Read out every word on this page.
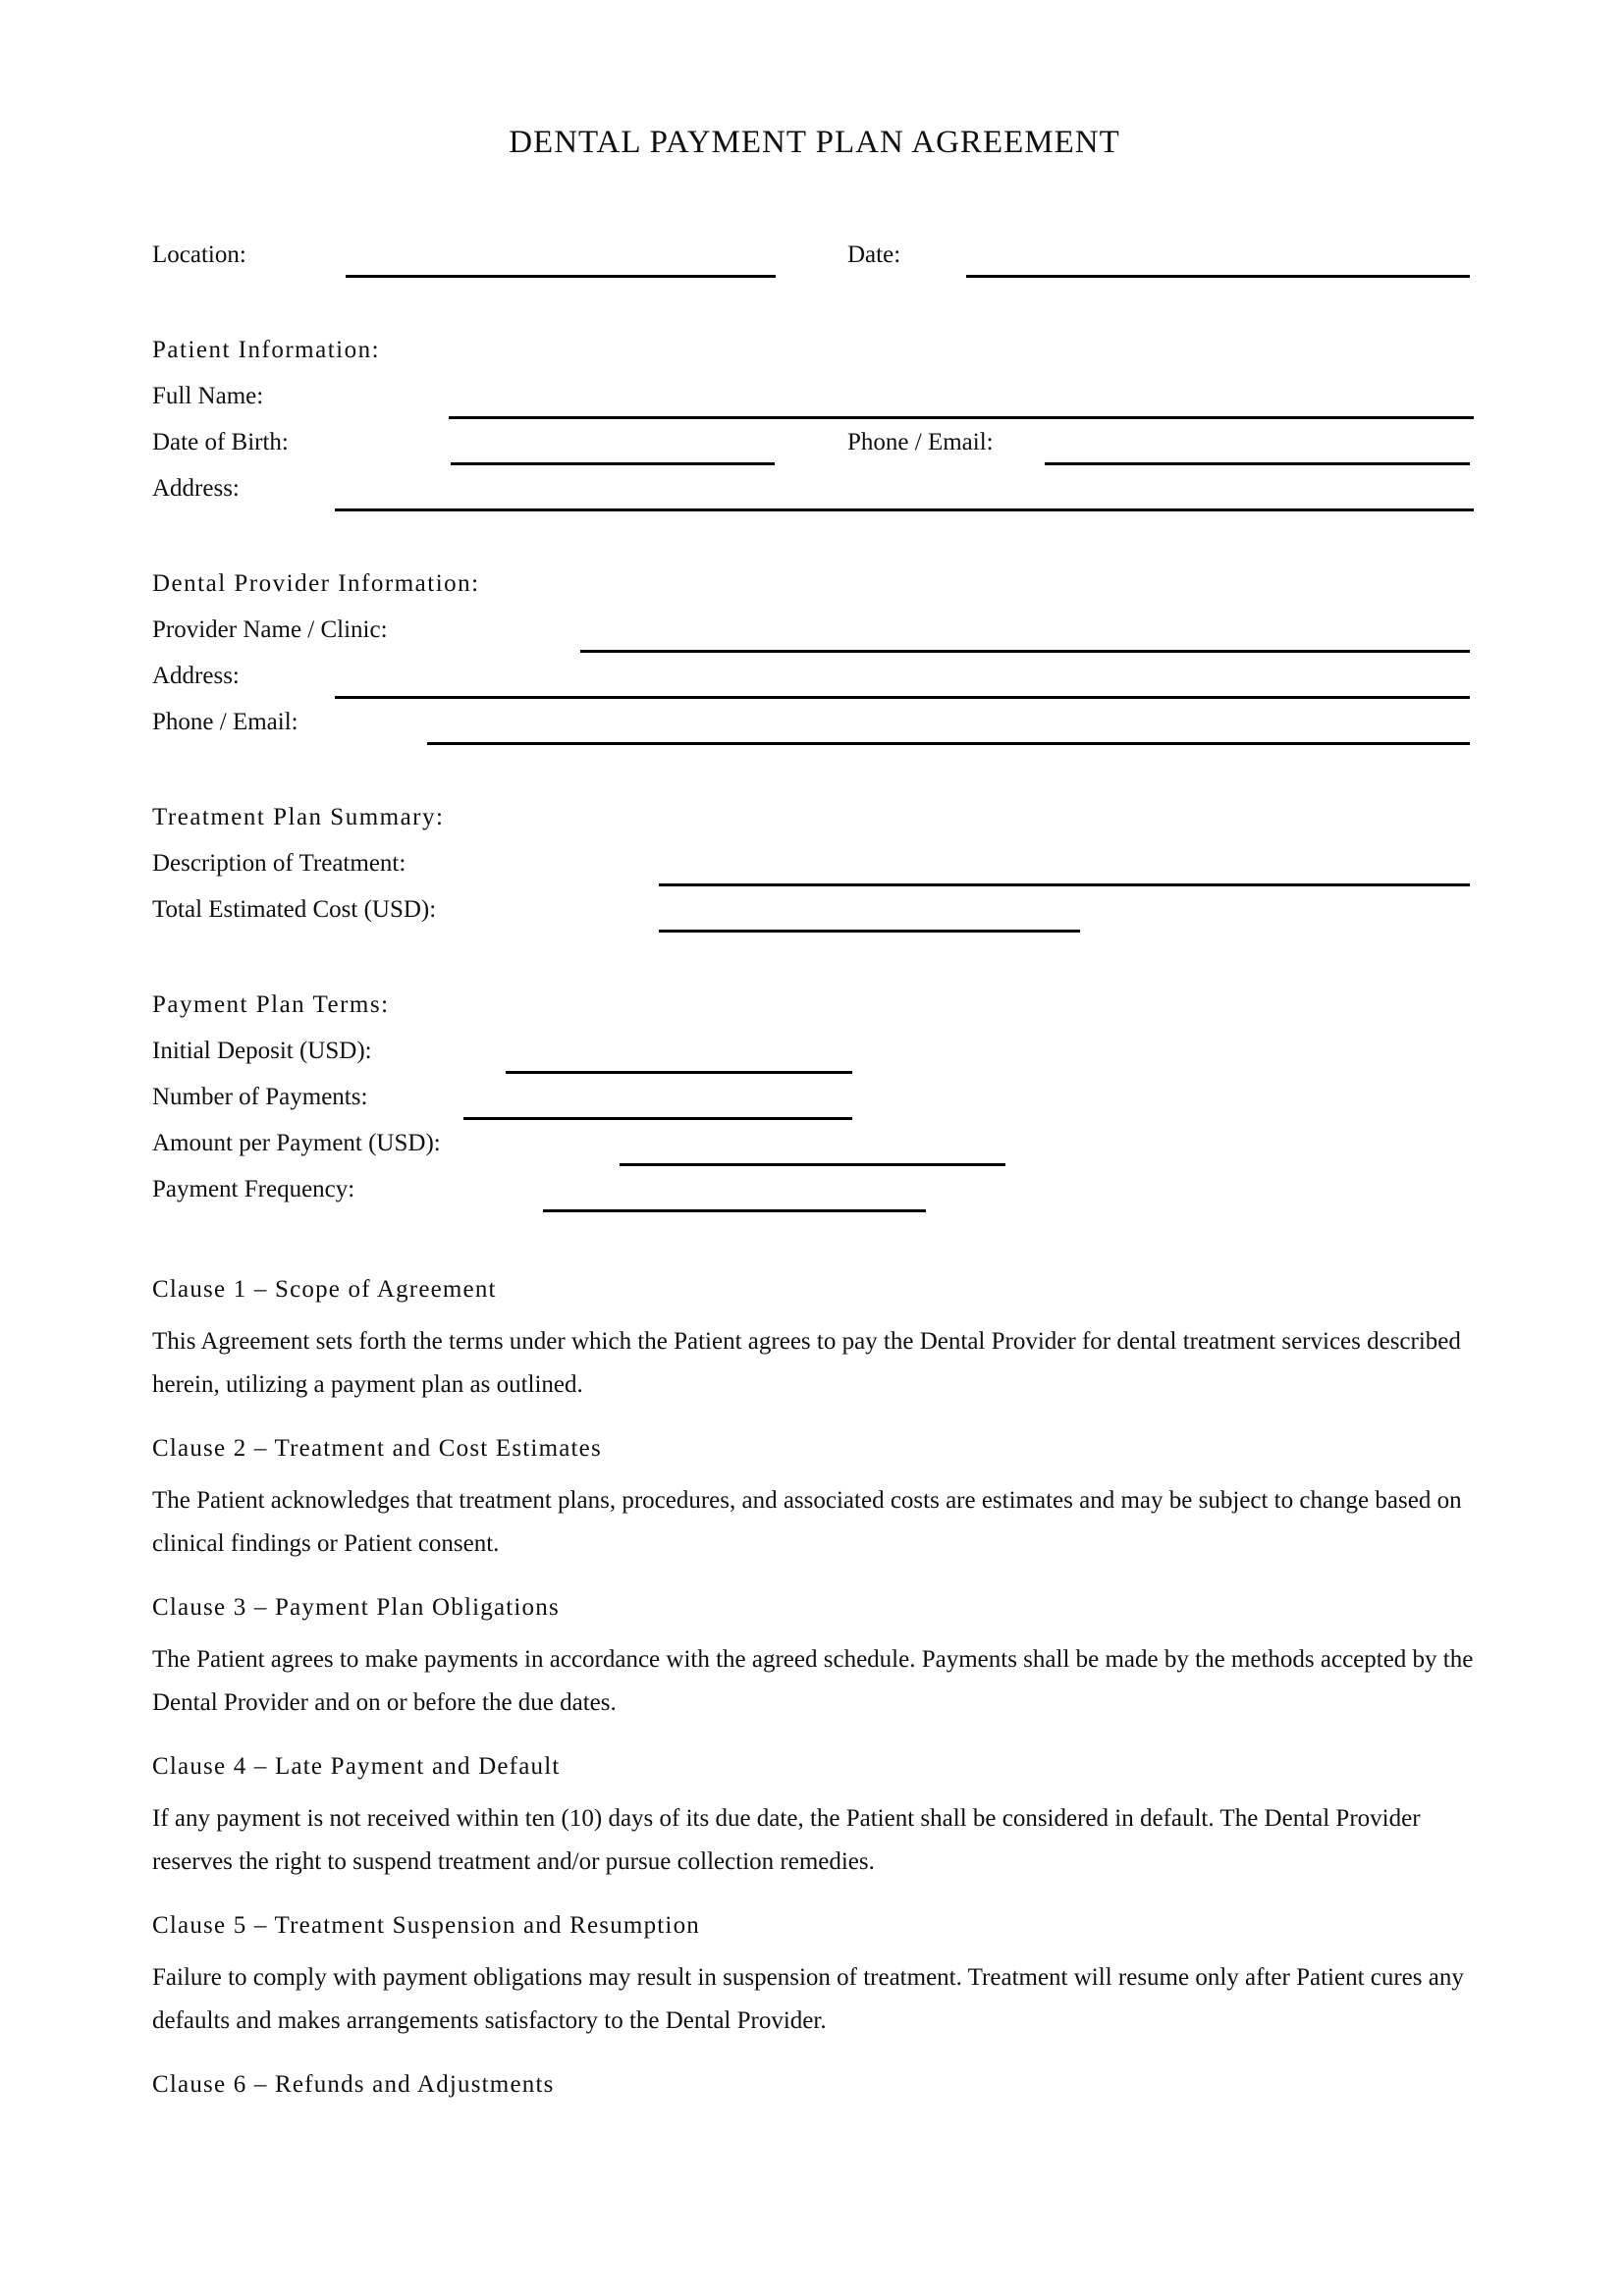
DENTAL PAYMENT PLAN AGREEMENT
Location:	Date:
Patient Information:
Full Name:
Date of Birth:	Phone / Email:
Address:
Dental Provider Information:
Provider Name / Clinic:
Address:
Phone / Email:
Treatment Plan Summary:
Description of Treatment:
Total Estimated Cost (USD):
Payment Plan Terms:
Initial Deposit (USD):
Number of Payments:
Amount per Payment (USD):
Payment Frequency:
Clause 1 – Scope of Agreement
This Agreement sets forth the terms under which the Patient agrees to pay the Dental Provider for dental treatment services described herein, utilizing a payment plan as outlined.
Clause 2 – Treatment and Cost Estimates
The Patient acknowledges that treatment plans, procedures, and associated costs are estimates and may be subject to change based on clinical findings or Patient consent.
Clause 3 – Payment Plan Obligations
The Patient agrees to make payments in accordance with the agreed schedule. Payments shall be made by the methods accepted by the Dental Provider and on or before the due dates.
Clause 4 – Late Payment and Default
If any payment is not received within ten (10) days of its due date, the Patient shall be considered in default. The Dental Provider reserves the right to suspend treatment and/or pursue collection remedies.
Clause 5 – Treatment Suspension and Resumption
Failure to comply with payment obligations may result in suspension of treatment. Treatment will resume only after Patient cures any defaults and makes arrangements satisfactory to the Dental Provider.
Clause 6 – Refunds and Adjustments
